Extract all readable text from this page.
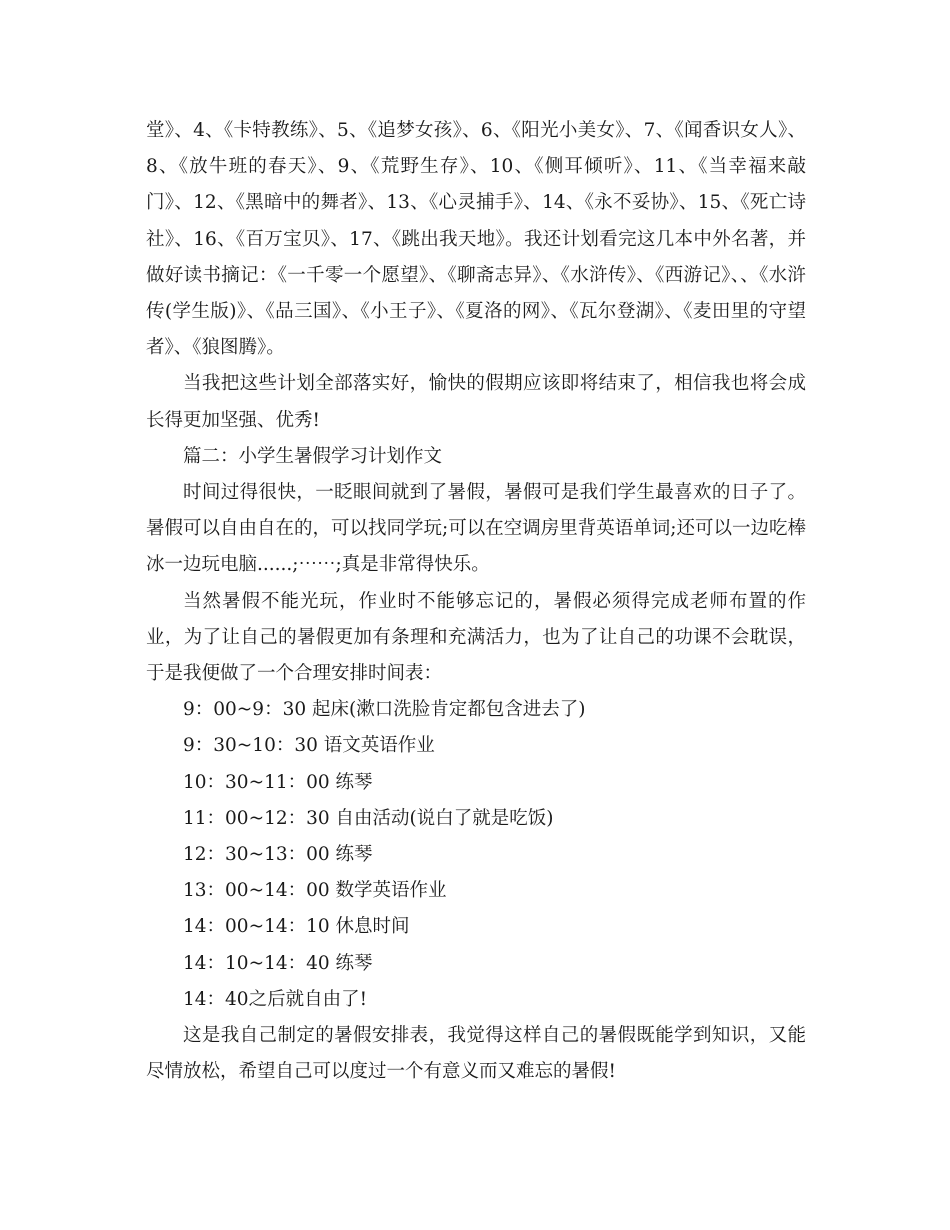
堂》、4、《卡特教练》、5、《追梦女孩》、6、《阳光小美女》、7、《闻香识女人》、8、《放牛班的春天》、9、《荒野生存》、10、《侧耳倾听》、11、《当幸福来敲门》、12、《黑暗中的舞者》、13、《心灵捕手》、14、《永不妥协》、15、《死亡诗社》、16、《百万宝贝》、17、《跳出我天地》。我还计划看完这几本中外名著，并做好读书摘记：《一千零一个愿望》、《聊斋志异》、《水浒传》、《西游记》、、《水浒传(学生版)》、《品三国》、《小王子》、《夏洛的网》、《瓦尔登湖》、《麦田里的守望者》、《狼图腾》。

当我把这些计划全部落实好，愉快的假期应该即将结束了，相信我也将会成长得更加坚强、优秀!

篇二：小学生暑假学习计划作文

时间过得很快，一眨眼间就到了暑假，暑假可是我们学生最喜欢的日子了。暑假可以自由自在的，可以找同学玩;可以在空调房里背英语单词;还可以一边吃棒冰一边玩电脑......;⋯⋯;真是非常得快乐。

当然暑假不能光玩，作业时不能够忘记的，暑假必须得完成老师布置的作业，为了让自己的暑假更加有条理和充满活力，也为了让自己的功课不会耽误，于是我便做了一个合理安排时间表：

9：00~9：30 起床(漱口洗脸肯定都包含进去了)

9：30~10：30 语文英语作业

10：30~11：00 练琴

11：00~12：30 自由活动(说白了就是吃饭)

12：30~13：00 练琴

13：00~14：00 数学英语作业

14：00~14：10 休息时间

14：10~14：40 练琴

14：40之后就自由了!

这是我自己制定的暑假安排表，我觉得这样自己的暑假既能学到知识，又能尽情放松，希望自己可以度过一个有意义而又难忘的暑假!
